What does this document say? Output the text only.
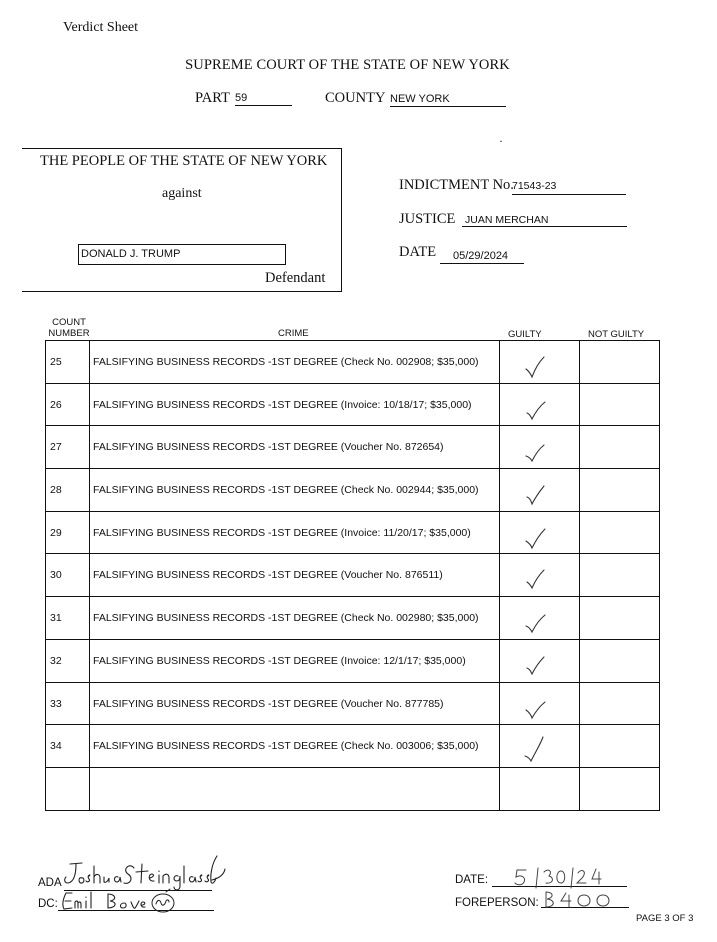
Verdict Sheet
SUPREME COURT OF THE STATE OF NEW YORK
PART 59	COUNTY NEW YORK
·
THE PEOPLE OF THE STATE OF NEW YORK
against
DONALD J. TRUMP
Defendant
INDICTMENT No.
71543-23
JUSTICE JUAN MERCHAN
DATE	05/29/2024
COUNT
NUMBER	CRIME	GUILTY	NOT GUILTY
25	FALSIFYING BUSINESS RECORDS -1ST DEGREE (Check No. 002908; $35,000)	

26	FALSIFYING BUSINESS RECORDS -1ST DEGREE (Invoice: 10/18/17; $35,000)	

27	FALSIFYING BUSINESS RECORDS -1ST DEGREE (Voucher No. 872654)	

28	FALSIFYING BUSINESS RECORDS -1ST DEGREE (Check No. 002944; $35,000)	

29	FALSIFYING BUSINESS RECORDS -1ST DEGREE (Invoice: 11/20/17; $35,000)	

30	FALSIFYING BUSINESS RECORDS -1ST DEGREE (Voucher No. 876511)	

31	FALSIFYING BUSINESS RECORDS -1ST DEGREE (Check No. 002980; $35,000)	

32	FALSIFYING BUSINESS RECORDS -1ST DEGREE (Invoice: 12/1/17; $35,000)	

33	FALSIFYING BUSINESS RECORDS -1ST DEGREE (Voucher No. 877785)	

34	FALSIFYING BUSINESS RECORDS -1ST DEGREE (Check No. 003006; $35,000)	

ADA
DC:
DATE:
FOREPERSON:
PAGE 3 OF 3
